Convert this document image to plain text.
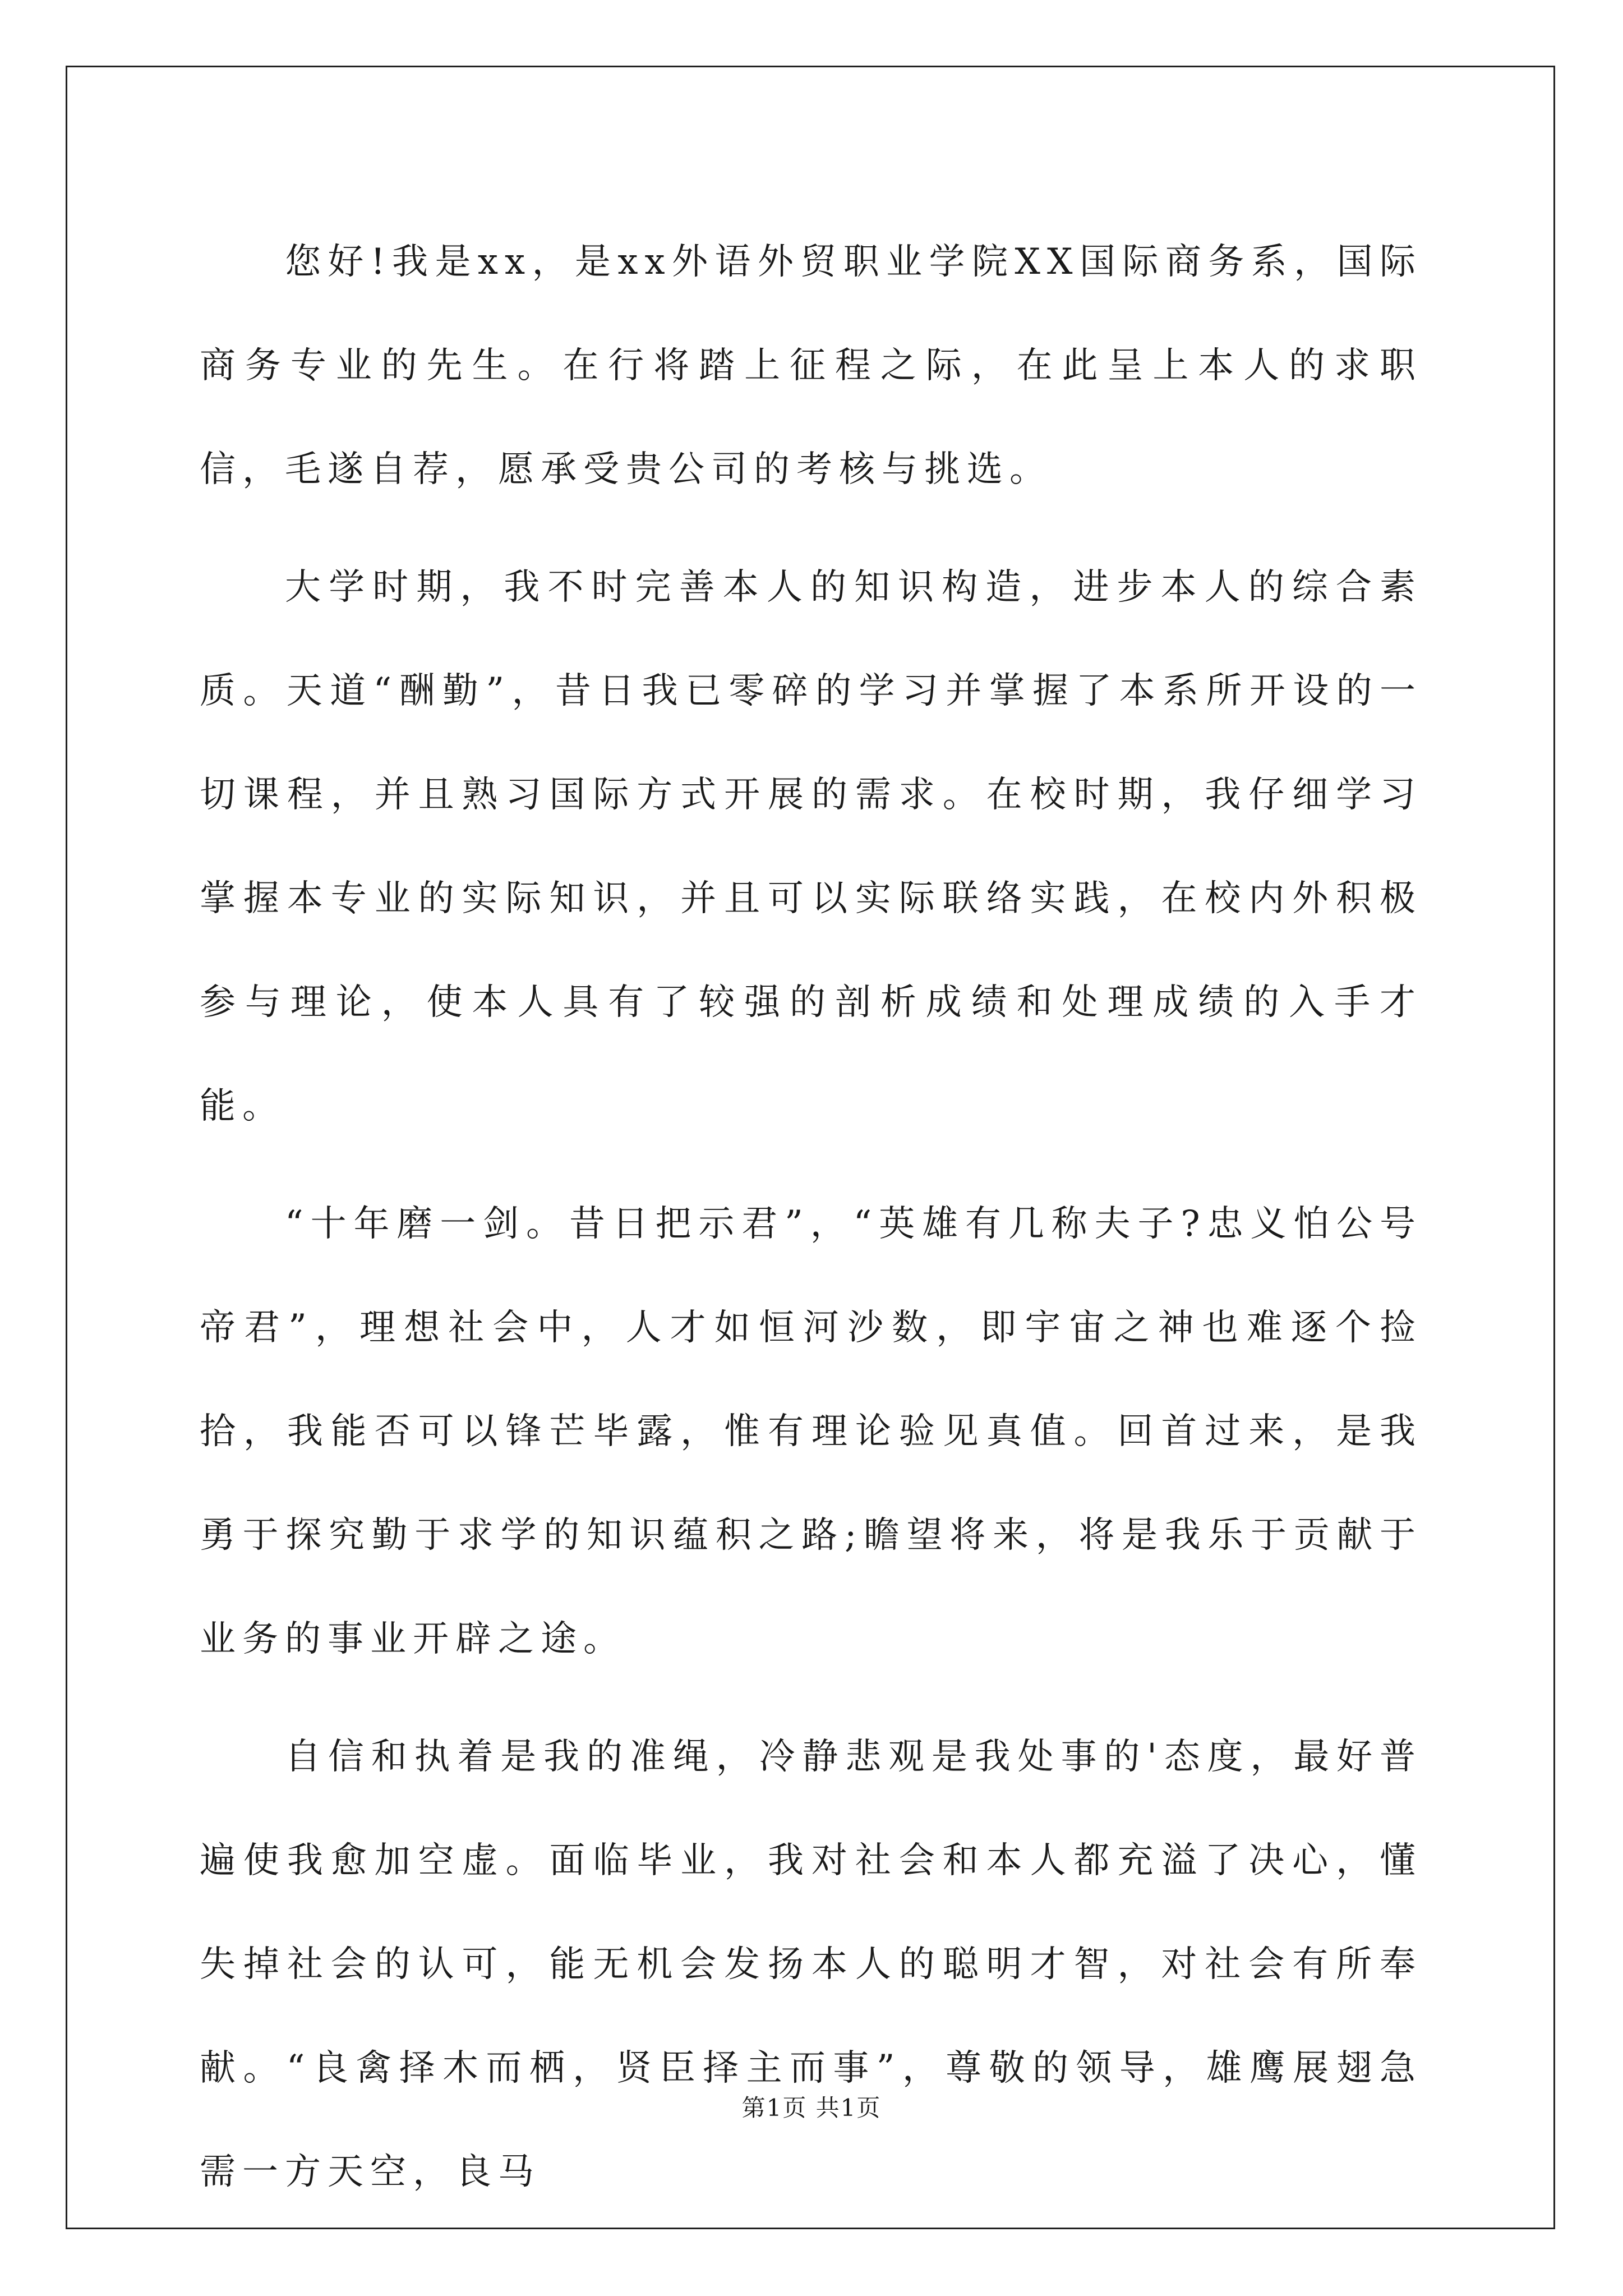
您好!我是xx，是xx外语外贸职业学院XX国际商务系，国际商务专业的先生。在行将踏上征程之际，在此呈上本人的求职信，毛遂自荐，愿承受贵公司的考核与挑选。

大学时期，我不时完善本人的知识构造，进步本人的综合素质。天道“酬勤”，昔日我已零碎的学习并掌握了本系所开设的一切课程，并且熟习国际方式开展的需求。在校时期，我仔细学习掌握本专业的实际知识，并且可以实际联络实践，在校内外积极参与理论，使本人具有了较强的剖析成绩和处理成绩的入手才能。

“十年磨一剑。昔日把示君”，“英雄有几称夫子?忠义怕公号帝君”，理想社会中，人才如恒河沙数，即宇宙之神也难逐个捡拾，我能否可以锋芒毕露，惟有理论验见真值。回首过来，是我勇于探究勤于求学的知识蕴积之路;瞻望将来，将是我乐于贡献于业务的事业开辟之途。

自信和执着是我的准绳，冷静悲观是我处事的'态度，最好普遍使我愈加空虚。面临毕业，我对社会和本人都充溢了决心，懂失掉社会的认可，能无机会发扬本人的聪明才智，对社会有所奉献。“良禽择木而栖，贤臣择主而事”，尊敬的领导，雄鹰展翅急需一方天空，良马

第1页 共1页
